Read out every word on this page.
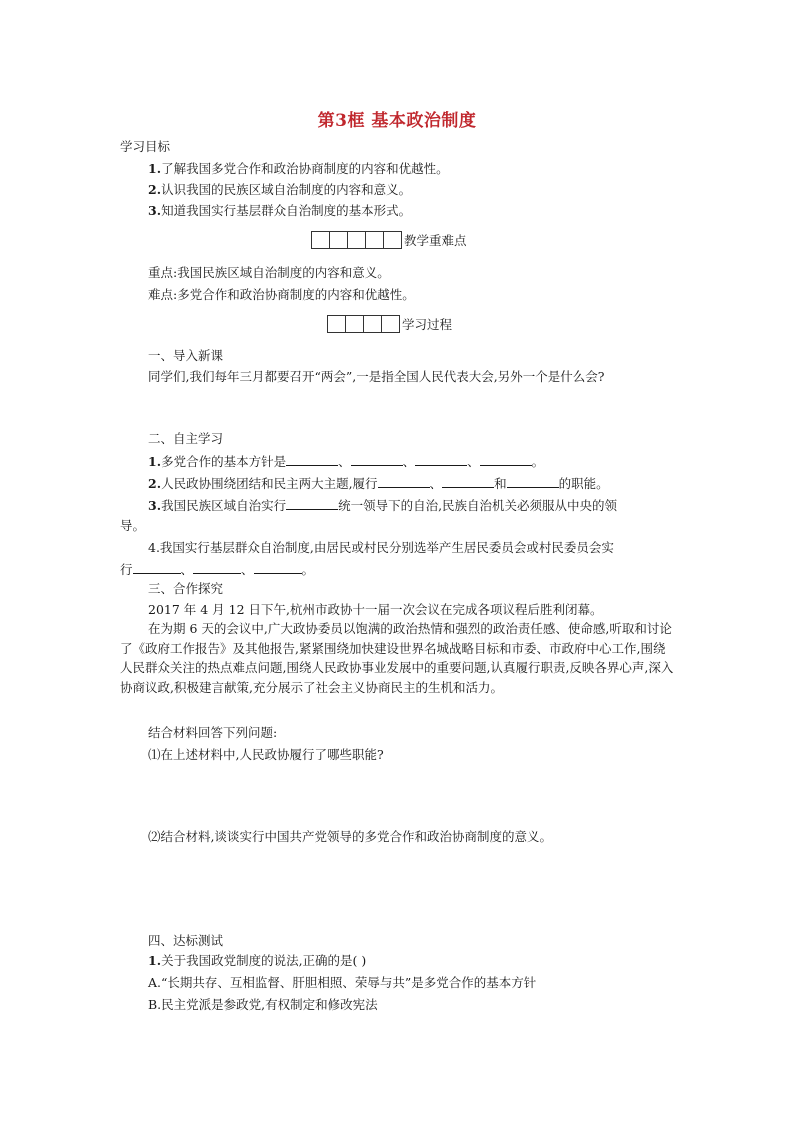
第3框 基本政治制度
学习目标
1.了解我国多党合作和政治协商制度的内容和优越性。
2.认识我国的民族区域自治制度的内容和意义。
3.知道我国实行基层群众自治制度的基本形式。
教学重难点
重点:我国民族区域自治制度的内容和意义。
难点:多党合作和政治协商制度的内容和优越性。
学习过程
一、导入新课
同学们,我们每年三月都要召开“两会”,一是指全国人民代表大会,另外一个是什么会?
二、自主学习
1.多党合作的基本方针是	、	、	、	。
2.人民政协围绕团结和民主两大主题,履行	、	和	的职能。
3.我国民族区域自治实行	统一领导下的自治,民族自治机关必须服从中央的领
导。
4.我国实行基层群众自治制度,由居民或村民分别选举产生居民委员会或村民委员会实
行	、	、	。
三、合作探究
2017 年 4 月 12 日下午,杭州市政协十一届一次会议在完成各项议程后胜利闭幕。
在为期 6 天的会议中,广大政协委员以饱满的政治热情和强烈的政治责任感、使命感,听取和讨论了《政府工作报告》及其他报告,紧紧围绕加快建设世界名城战略目标和市委、市政府中心工作,围绕人民群众关注的热点难点问题,围绕人民政协事业发展中的重要问题,认真履行职责,反映各界心声,深入协商议政,积极建言献策,充分展示了社会主义协商民主的生机和活力。
结合材料回答下列问题:
⑴在上述材料中,人民政协履行了哪些职能?
⑵结合材料,谈谈实行中国共产党领导的多党合作和政治协商制度的意义。
四、达标测试
1.关于我国政党制度的说法,正确的是( )
A.“长期共存、互相监督、肝胆相照、荣辱与共”是多党合作的基本方针
B.民主党派是参政党,有权制定和修改宪法
